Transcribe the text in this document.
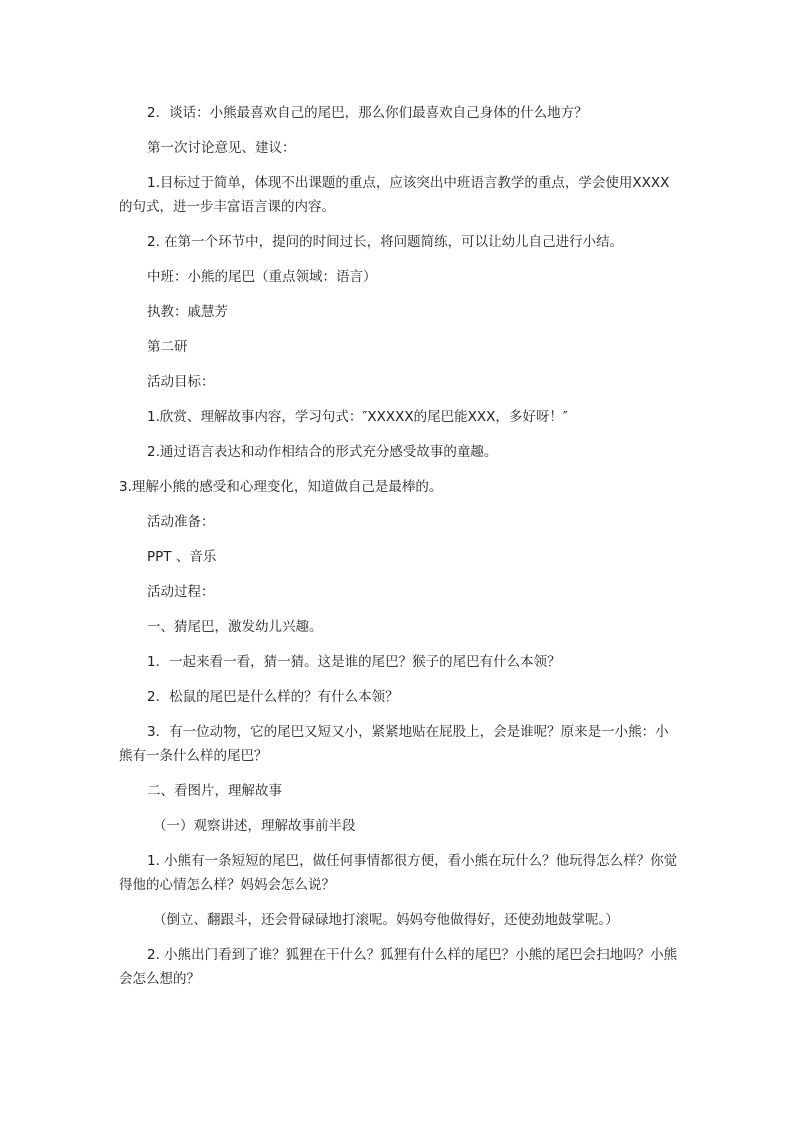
2．谈话：小熊最喜欢自己的尾巴，那么你们最喜欢自己身体的什么地方？

第一次讨论意见、建议：

1.目标过于简单，体现不出课题的重点，应该突出中班语言教学的重点，学会使用XXXX的句式，进一步丰富语言课的内容。

2. 在第一个环节中，提问的时间过长，将问题简练，可以让幼儿自己进行小结。

中班：小熊的尾巴（重点领域：语言）

执教：戚慧芳

第二研

活动目标：

1.欣赏、理解故事内容，学习句式：″XXXXX的尾巴能XXX，多好呀！″

2.通过语言表达和动作相结合的形式充分感受故事的童趣。

3.理解小熊的感受和心理变化，知道做自己是最棒的。

活动准备：

PPT 、音乐

活动过程：

一、猜尾巴，激发幼儿兴趣。

1．一起来看一看，猜一猜。这是谁的尾巴？猴子的尾巴有什么本领？

2．松鼠的尾巴是什么样的？有什么本领？

3．有一位动物，它的尾巴又短又小，紧紧地贴在屁股上，会是谁呢？原来是一小熊：小熊有一条什么样的尾巴？

二、看图片，理解故事

（一）观察讲述，理解故事前半段

1. 小熊有一条短短的尾巴，做任何事情都很方便，看小熊在玩什么？他玩得怎么样？你觉得他的心情怎么样？妈妈会怎么说？

（倒立、翻跟斗，还会骨碌碌地打滚呢。妈妈夸他做得好，还使劲地鼓掌呢。）

2. 小熊出门看到了谁？狐狸在干什么？狐狸有什么样的尾巴？小熊的尾巴会扫地吗？小熊会怎么想的？
